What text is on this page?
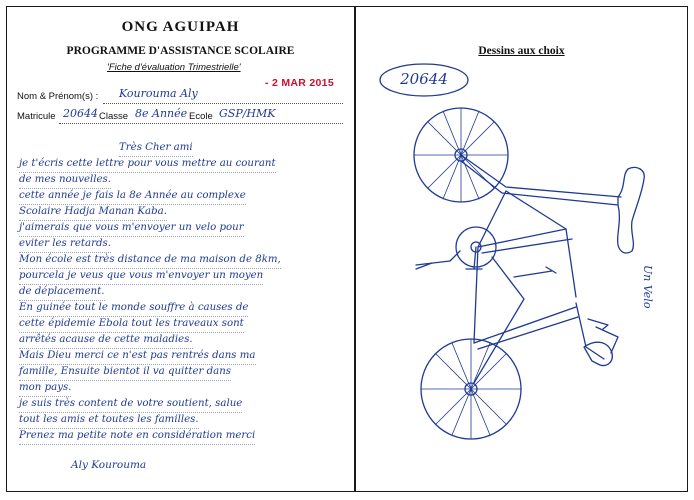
ONG AGUIPAH
PROGRAMME D'ASSISTANCE SCOLAIRE
'Fiche d'évaluation Trimestrielle'
- 2 MAR 2015
Nom & Prénom(s) : Kourouma Aly
Matricule 20644 Classe 8e Année Ecole GSP/HMK
Très Cher ami
je t'écris cette lettre pour vous mettre au courant
de mes nouvelles.
cette année je fais la 8e Année au complexe
Scolaire Hadja Manan Kaba.
j'aimerais que vous m'envoyer un velo pour
eviter les retards.
Mon école est très distance de ma maison de 8km,
pourcela je veus que vous m'envoyer un moyen
de déplacement.
En guinée tout le monde souffre à causes de
cette épidemie Ebola tout les traveaux sont
arrêtés acause de cette maladies.
Mais Dieu merci ce n'est pas rentrés dans ma
famille, Ensuite bientot il va quitter dans
mon pays.
je suis très content de votre soutient, salue
tout les amis et toutes les familles.
Prenez ma petite note en considération merci
Aly Kourouma
Dessins aux choix
20644
Un Velo
